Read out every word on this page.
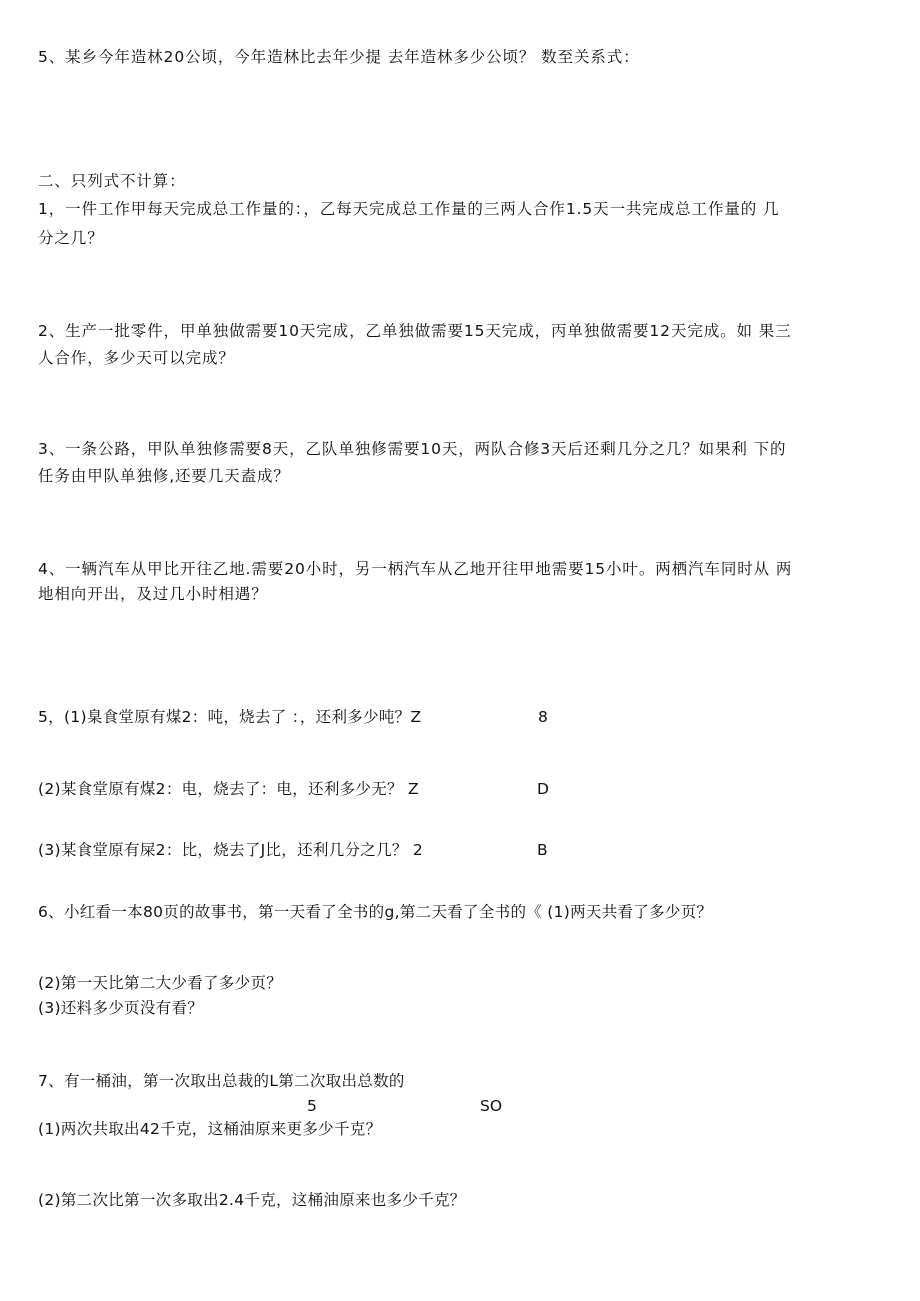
5、某乡今年造林20公顷，今年造林比去年少提 去年造林多少公顷？ 数至关系式：
二、只列式不计算：
1，一件工作甲每天完成总工作量的：，乙每天完成总工作量的三两人合作1.5天一共完成总工作量的 几
分之几？
2、生产一批零件，甲单独做需要10天完成，乙单独做需要15天完成，丙单独做需要12天完成。如 果三
人合作，多少天可以完成？
3、一条公路，甲队单独修需要8天，乙队单独修需要10天，两队合修3天后还剩几分之几？如果利 下的
任务由甲队单独修,还要几天盍成？
4、一辆汽车从甲比开往乙地.需要20小时，另一柄汽车从乙地开往甲地需要15小叶。两栖汽车同时从 两
地相向开出，及过几小时相遇？
5，(1)臬食堂原有煤2：吨，烧去了 ：，还利多少吨？Z	8
(2)某食堂原有煤2：电，烧去了：电，还利多少无？ Z	D
(3)某食堂原有屎2：比，烧去了J比，还利几分之几？ 2	B
6、小红看一本80页的故事书，第一天看了全书的g,第二天看了全书的《 (1)两天共看了多少页？
(2)第一天比第二大少看了多少页？
(3)还料多少页没有看？
7、有一桶油，第一次取出总裁的L第二次取出总数的
5	SO
(1)两次共取出42千克，这桶油原来更多少千克？
(2)第二次比第一次多取出2.4千克，这桶油原来也多少千克？
